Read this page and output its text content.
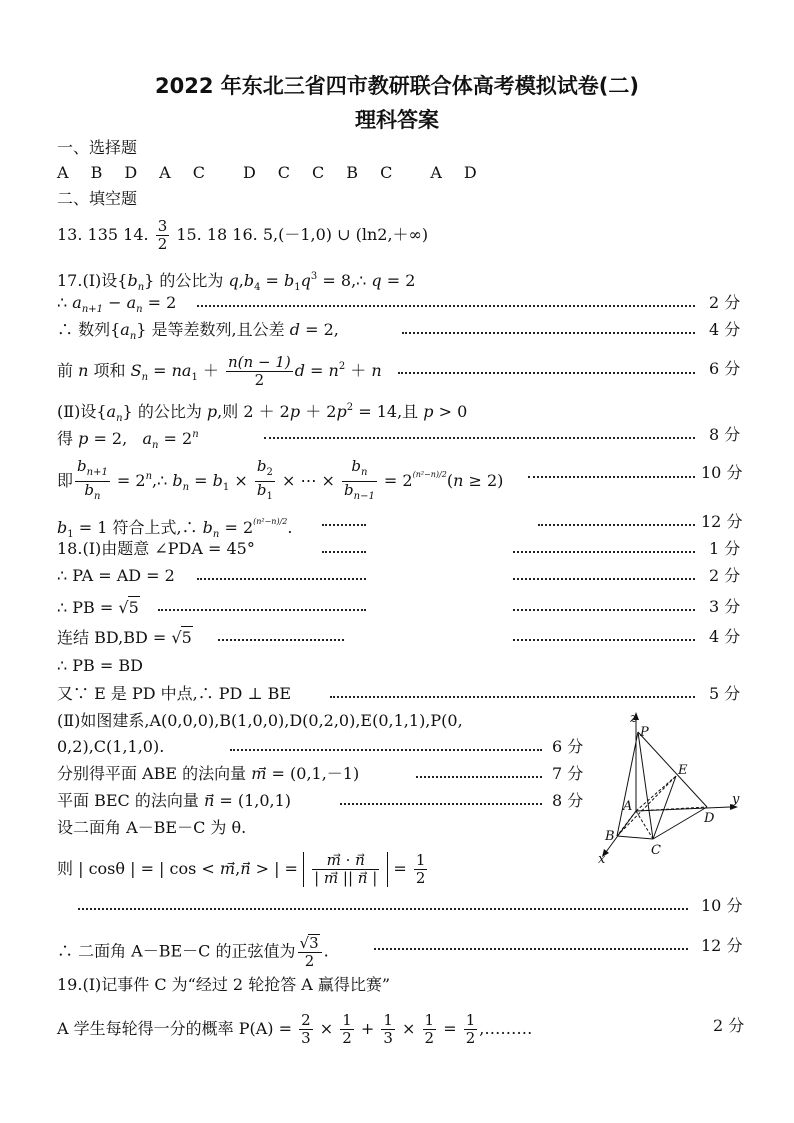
2022 年东北三省四市教研联合体高考模拟试卷(二)
理科答案
一、选择题
A B D A C D C C B C A D
二、填空题
13. 135 14. $\frac{3}{2} 15$. 18 16. 5,(－1,0) ∪ (ln2,＋∞)
17.(Ⅰ)设$\{b_n\}$ 的公比为 $q,b_4 = b_1q^3$ = 8,∴ q = 2
∴ $a_{n+1} - a_n = 2$	2 分
∴ 数列$\{a_n\}$ 是等差数列,且公差 d = 2,	4 分
前 n 项和 $S_n = na_1 + \frac{n(n - 1)}{2}$ $d = n^2 + n$	6 分
(Ⅱ)设$\{a_n\}$ 的公比为 p,则 $2 + 2p + 2p^2 = 14$,且 p > 0
得 p = 2, $a_n = 2^n$	8 分
即 $\frac{b_{n+1}}{b_n}$ = $2^n,\therefore$ $b_n = b_1 \times \frac{b_2}{b_1}$ × ⋯ × $\frac{b_n}{b_{n-1}} = 2^{(n^2-n)/2}(n \ge 2)$	10 分
$b_1 = 1$ 符合上式,∴ $b_n = 2^{(n^2-n)/2}$.	12 分
18.(Ⅰ)由题意 ∠PDA = 45°	1 分
∴ PA = AD = 2	2 分
∴ PB = √5	3 分
连结 BD,BD = √5	4 分
∴ PB = BD
又∵ E 是 PD 中点,∴ PD ⊥ BE	5 分
(Ⅱ)如图建系,A(0,0,0),B(1,0,0),D(0,2,0),E(0,1,1),P(0,
0,2),C(1,1,0).	6 分
分别得平面 ABE 的法向量 m⃗ = (0,1,－1)	7 分
平面 BEC 的法向量 n⃗ = (1,0,1)	8 分
设二面角 A－BE－C 为 θ.
则 | cosθ | = | cos < m⃗,n > | = $\frac{m⃗ \cdot n}{| m⃗ || n⃗ |} = \frac{1}{2}$
10 分
∴ 二面角 A－BE－C 的正弦值为 $\frac{√3}{2}$ .	12 分
19.(Ⅰ)记事件 C 为“经过 2 轮抢答 A 赢得比赛”
A 学生每轮得一分的概率 $P(A) = \frac{2}{3} \times \frac{1}{2} + \frac{1}{3} \times \frac{1}{2} = \frac{1}{2}$ ,………	2 分
z
P
E
A	y
D
B
C
x
